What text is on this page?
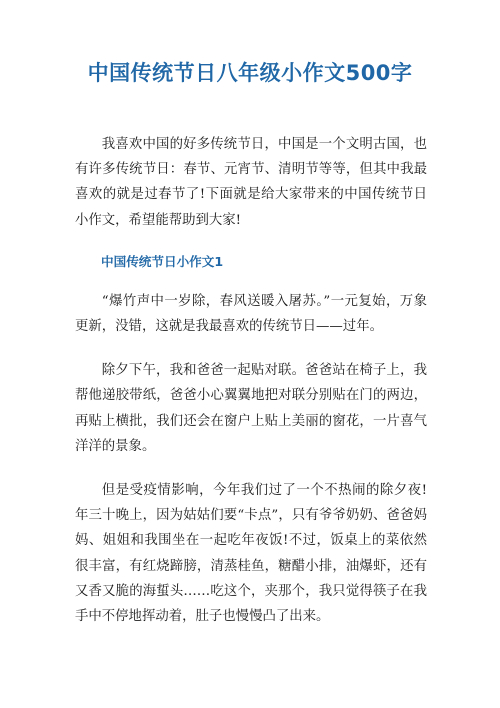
中国传统节日八年级小作文500字

我喜欢中国的好多传统节日，中国是一个文明古国，也有许多传统节日：春节、元宵节、清明节等等，但其中我最喜欢的就是过春节了!下面就是给大家带来的中国传统节日小作文，希望能帮助到大家!

中国传统节日小作文1

“爆竹声中一岁除，春风送暖入屠苏。”一元复始，万象更新，没错，这就是我最喜欢的传统节日——过年。

除夕下午，我和爸爸一起贴对联。爸爸站在椅子上，我帮他递胶带纸，爸爸小心翼翼地把对联分别贴在门的两边，再贴上横批，我们还会在窗户上贴上美丽的窗花，一片喜气洋洋的景象。

但是受疫情影响，今年我们过了一个不热闹的除夕夜!年三十晚上，因为姑姑们要“卡点”，只有爷爷奶奶、爸爸妈妈、姐姐和我围坐在一起吃年夜饭!不过，饭桌上的菜依然很丰富，有红烧蹄膀，清蒸桂鱼，糖醋小排，油爆虾，还有又香又脆的海蜇头……吃这个，夹那个，我只觉得筷子在我手中不停地挥动着，肚子也慢慢凸了出来。
